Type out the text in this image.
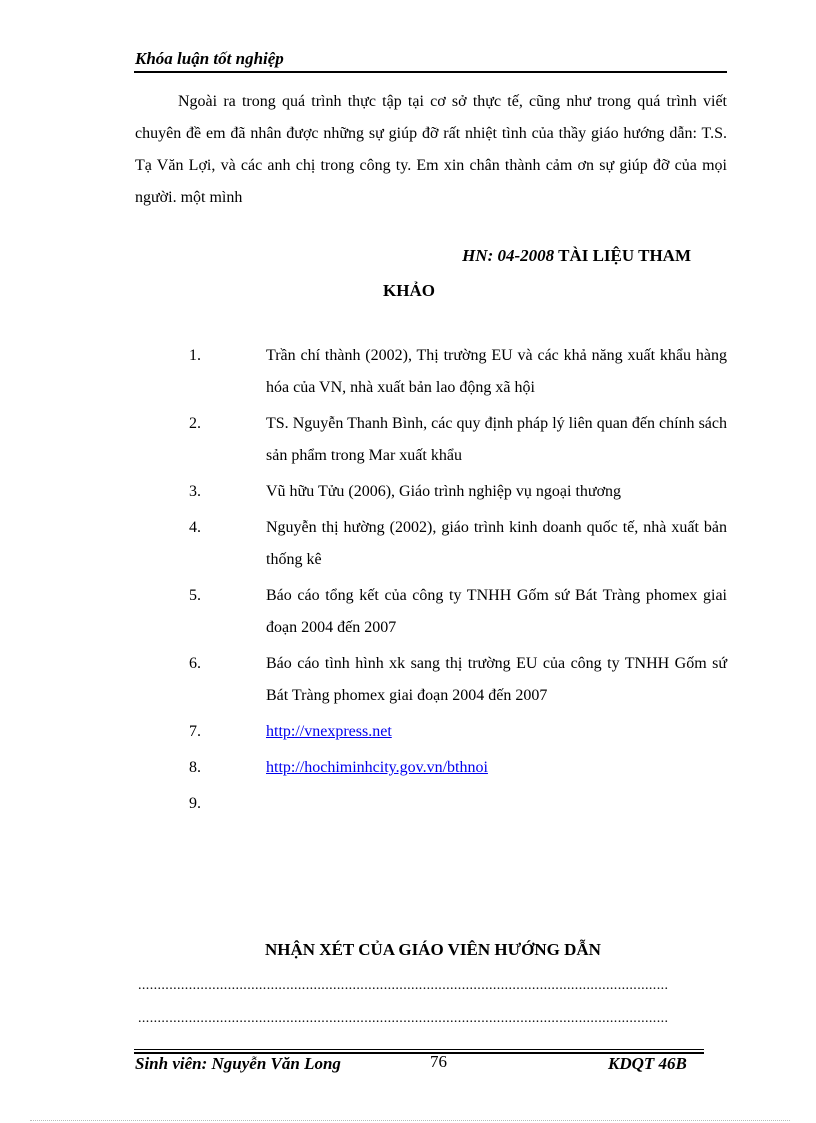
Khóa luận tốt nghiệp

Ngoài ra trong quá trình thực tập tại cơ sở thực tế, cũng như trong quá trình viết chuyên đề em đã nhân được những sự giúp đỡ rất nhiệt tình của thầy giáo hướng dẫn: T.S. Tạ Văn Lợi, và các anh chị trong công ty. Em xin chân thành cảm ơn sự giúp đỡ của mọi người. một mình

HN: 04-2008 TÀI LIỆU THAM
KHẢO
1.	Trần chí thành (2002), Thị trường EU và các khả năng xuất khẩu hàng hóa của VN, nhà xuất bản lao động xã hội
2.	TS. Nguyễn Thanh Bình, các quy định pháp lý liên quan đến chính sách sản phẩm trong Mar xuất khẩu
3.	Vũ hữu Tửu (2006), Giáo trình nghiệp vụ ngoại thương
4.	Nguyễn thị hường (2002), giáo trình kinh doanh quốc tế, nhà xuất bản thống kê
5.	Báo cáo tổng kết của công ty TNHH Gốm sứ Bát Tràng phomex giai đoạn 2004 đến 2007
6.	Báo cáo tình hình xk sang thị trường EU của công ty TNHH Gốm sứ Bát Tràng phomex giai đoạn 2004 đến 2007
7.	http://vnexpress.net
8.	http://hochiminhcity.gov.vn/bthnoi
9.
NHẬN XÉT CỦA GIÁO VIÊN HƯỚNG DẪN
........................................................................................................................................
........................................................................................................................................
Sinh viên: Nguyễn Văn Long	76	KDQT 46B
